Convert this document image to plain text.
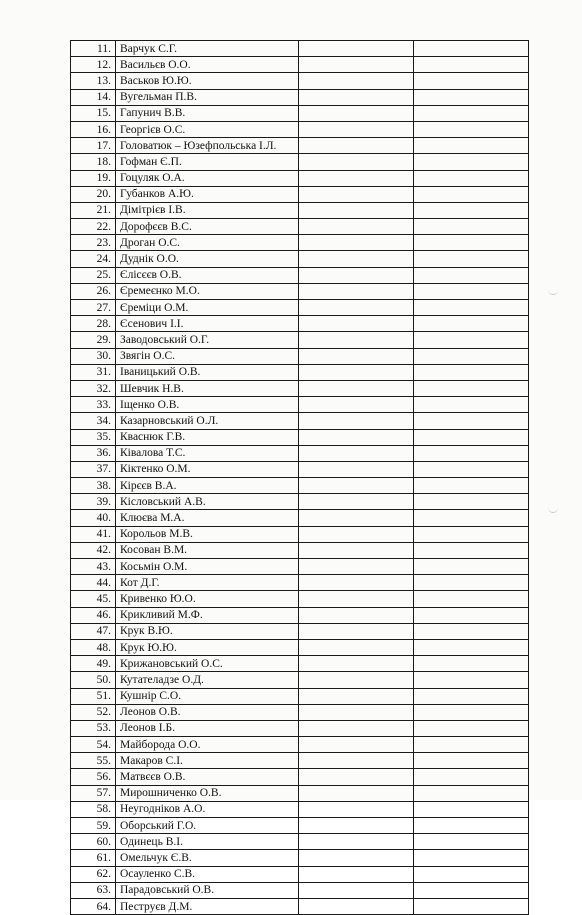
11.	Варчук С.Г.		
12.	Васильєв О.О.		
13.	Васьков Ю.Ю.		
14.	Вугельман П.В.		
15.	Гапунич В.В.		
16.	Георгієв О.С.		
17.	Головатюк – Юзефпольська І.Л.		
18.	Гофман Є.П.		
19.	Гоцуляк О.А.		
20.	Губанков А.Ю.		
21.	Діміτрієв І.В.		
22.	Дорофєєв В.С.		
23.	Дроган О.С.		
24.	Дуднік О.О.		
25.	Єлісєєв О.В.		
26.	Єремеєнко М.О.		
27.	Єреміци О.М.		
28.	Єсенович І.І.		
29.	Заводовський О.Г.		
30.	Звягін О.С.		
31.	Іваницький О.В.		
32.	Шевчик Н.В.		
33.	Іщенко О.В.		
34.	Казарновський О.Л.		
35.	Кваснюк Г.В.		
36.	Ківалова Т.С.		
37.	Кіктенко О.М.		
38.	Кірєєв В.А.		
39.	Кісловський А.В.		
40.	Клюєва М.А.		
41.	Корольов М.В.		
42.	Косован В.М.		
43.	Косьмін О.М.		
44.	Кот Д.Г.		
45.	Кривенко Ю.О.		
46.	Крикливий М.Ф.		
47.	Крук В.Ю.		
48.	Крук Ю.Ю.		
49.	Крижановський О.С.		
50.	Кутателадзе О.Д.		
51.	Кушнір С.О.		
52.	Леонов О.В.		
53.	Леонов І.Б.		
54.	Майборода О.О.		
55.	Макаров С.І.		
56.	Матвєєв О.В.		
57.	Мирошниченко О.В.		
58.	Неугодніков А.О.		
59.	Оборський Г.О.		
60.	Одинець В.І.		
61.	Омельчук Є.В.		
62.	Осауленко С.В.		
63.	Парадовський О.В.		
64.	Пеструєв Д.М.		
